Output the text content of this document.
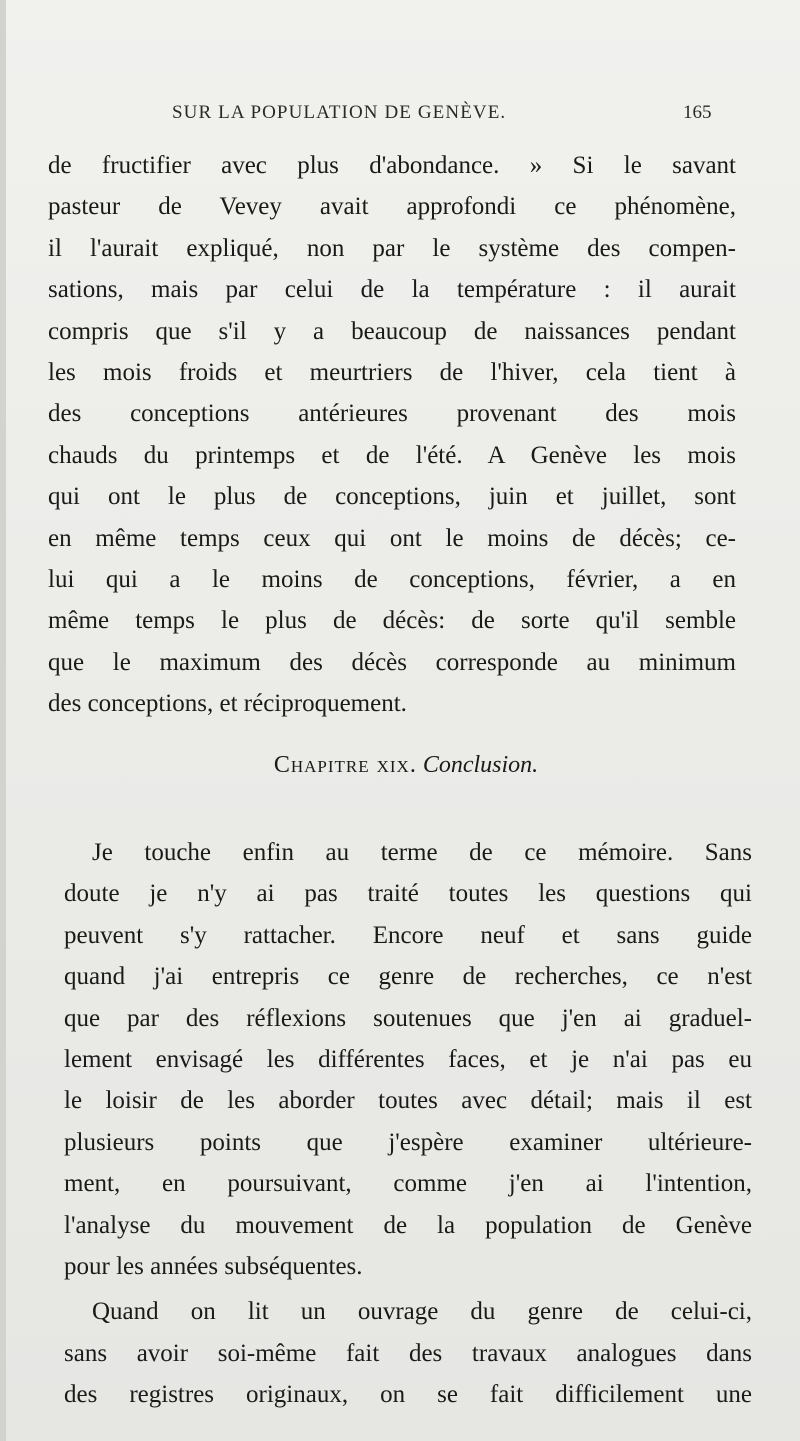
SUR LA POPULATION DE GENÈVE.	165
de fructifier avec plus d'abondance. » Si le savant
pasteur de Vevey avait approfondi ce phénomène,
il l'aurait expliqué, non par le système des compen-
sations, mais par celui de la température : il aurait
compris que s'il y a beaucoup de naissances pendant
les mois froids et meurtriers de l'hiver, cela tient à
des conceptions antérieures provenant des mois
chauds du printemps et de l'été. A Genève les mois
qui ont le plus de conceptions, juin et juillet, sont
en même temps ceux qui ont le moins de décès; ce-
lui qui a le moins de conceptions, février, a en
même temps le plus de décès: de sorte qu'il semble
que le maximum des décès corresponde au minimum
des conceptions, et réciproquement.
Chapitre xix. Conclusion.
Je touche enfin au terme de ce mémoire. Sans
doute je n'y ai pas traité toutes les questions qui
peuvent s'y rattacher. Encore neuf et sans guide
quand j'ai entrepris ce genre de recherches, ce n'est
que par des réflexions soutenues que j'en ai graduel-
lement envisagé les différentes faces, et je n'ai pas eu
le loisir de les aborder toutes avec détail; mais il est
plusieurs points que j'espère examiner ultérieure-
ment, en poursuivant, comme j'en ai l'intention,
l'analyse du mouvement de la population de Genève
pour les années subséquentes.
Quand on lit un ouvrage du genre de celui-ci,
sans avoir soi-même fait des travaux analogues dans
des registres originaux, on se fait difficilement une
